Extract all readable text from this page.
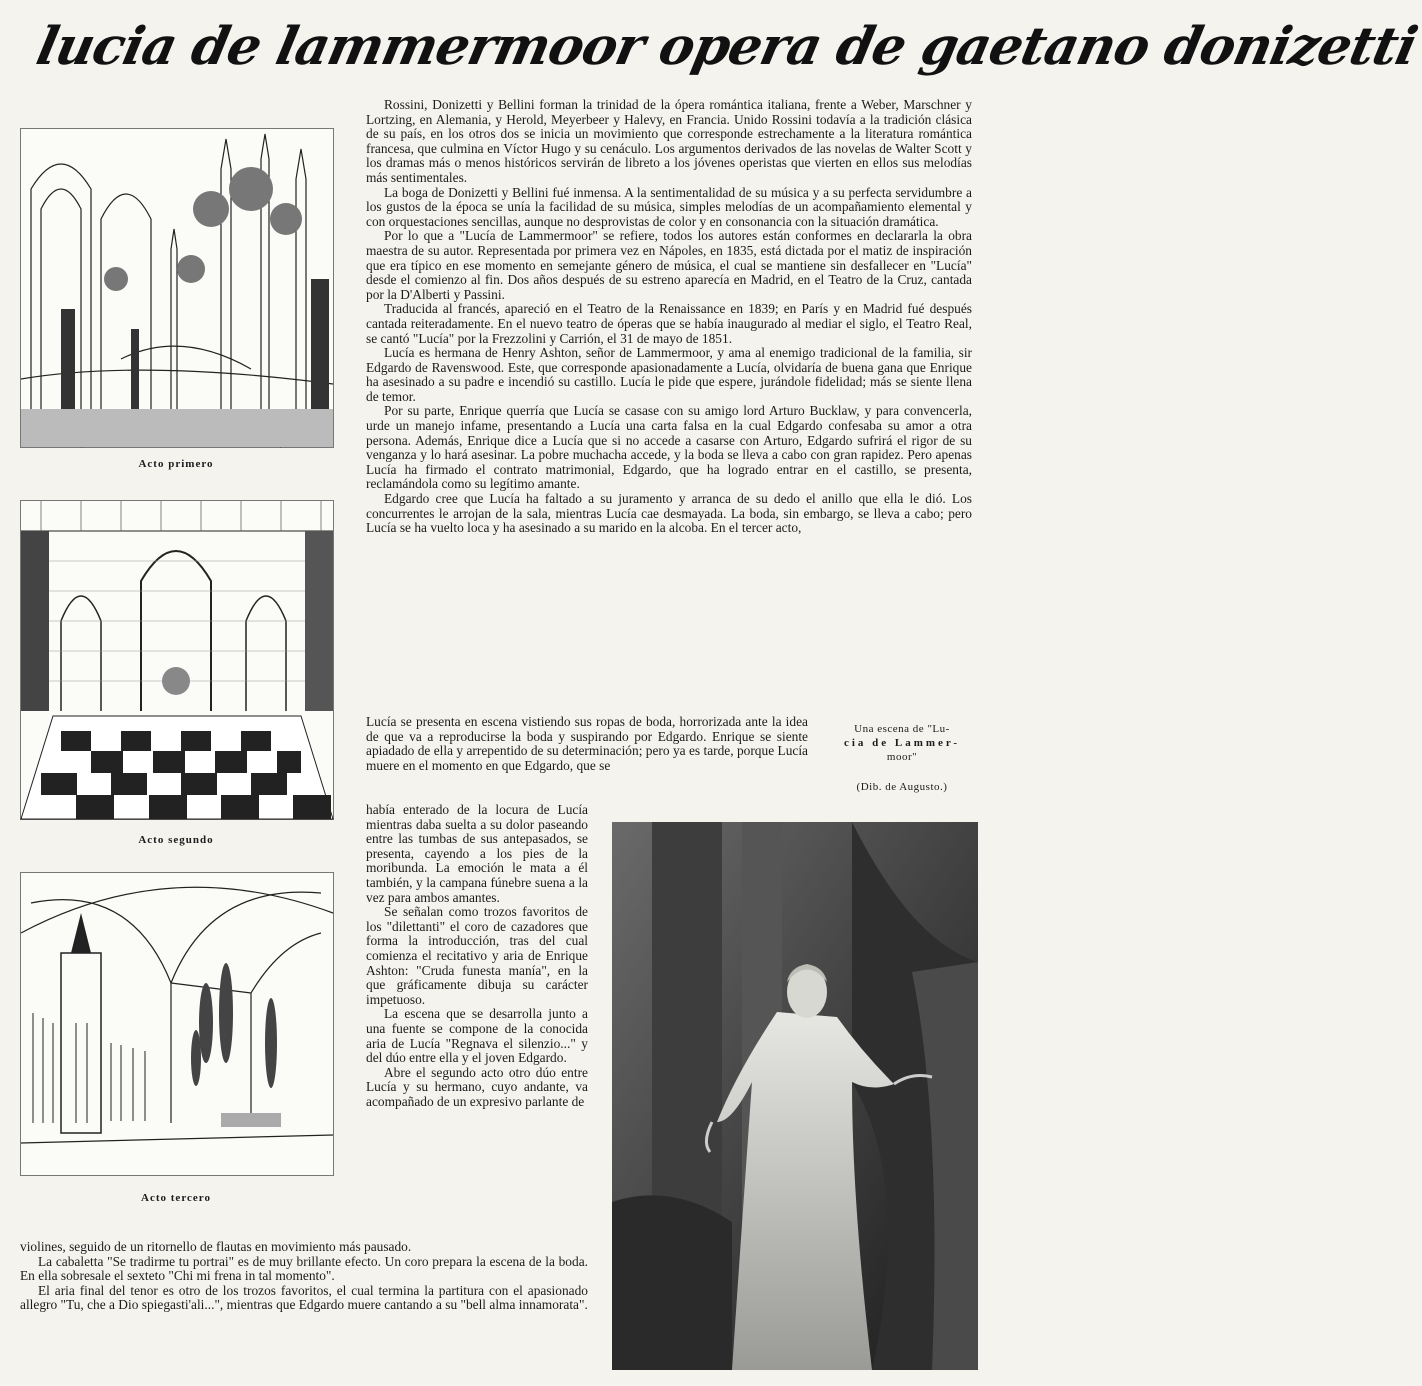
lucia de lammermoor opera de gaetano donizetti
Acto primero
Acto segundo
Acto tercero

Rossini, Donizetti y Bellini forman la trinidad de la ópera romántica italiana, frente a Weber, Marschner y Lortzing, en Alemania, y Herold, Meyerbeer y Halevy, en Francia. Unido Rossini todavía a la tradición clásica de su país, en los otros dos se inicia un movimiento que corresponde estrechamente a la literatura romántica francesa, que culmina en Víctor Hugo y su cenáculo. Los argumentos derivados de las novelas de Walter Scott y los dramas más o menos históricos servirán de libreto a los jóvenes operistas que vierten en ellos sus melodías más sentimentales.

La boga de Donizetti y Bellini fué inmensa. A la sentimentalidad de su música y a su perfecta servidumbre a los gustos de la época se unía la facilidad de su música, simples melodías de un acompañamiento elemental y con orquestaciones sencillas, aunque no desprovistas de color y en consonancia con la situación dramática.

Por lo que a "Lucía de Lammermoor" se refiere, todos los autores están conformes en declararla la obra maestra de su autor. Representada por primera vez en Nápoles, en 1835, está dictada por el matiz de inspiración que era típico en ese momento en semejante género de música, el cual se mantiene sin desfallecer en "Lucía" desde el comienzo al fin. Dos años después de su estreno aparecía en Madrid, en el Teatro de la Cruz, cantada por la D'Alberti y Passini.

Traducida al francés, apareció en el Teatro de la Renaissance en 1839; en París y en Madrid fué después cantada reiteradamente. En el nuevo teatro de óperas que se había inaugurado al mediar el siglo, el Teatro Real, se cantó "Lucía" por la Frezzolini y Carrión, el 31 de mayo de 1851.

Lucía es hermana de Henry Ashton, señor de Lammermoor, y ama al enemigo tradicional de la familia, sir Edgardo de Ravenswood. Este, que corresponde apasionadamente a Lucía, olvidaría de buena gana que Enrique ha asesinado a su padre e incendió su castillo. Lucía le pide que espere, jurándole fidelidad; más se siente llena de temor.

Por su parte, Enrique querría que Lucía se casase con su amigo lord Arturo Bucklaw, y para convencerla, urde un manejo infame, presentando a Lucía una carta falsa en la cual Edgardo confesaba su amor a otra persona. Además, Enrique dice a Lucía que si no accede a casarse con Arturo, Edgardo sufrirá el rigor de su venganza y lo hará asesinar. La pobre muchacha accede, y la boda se lleva a cabo con gran rapidez. Pero apenas Lucía ha firmado el contrato matrimonial, Edgardo, que ha logrado entrar en el castillo, se presenta, reclamándola como su legítimo amante.

Edgardo cree que Lucía ha faltado a su juramento y arranca de su dedo el anillo que ella le dió. Los concurrentes le arrojan de la sala, mientras Lucía cae desmayada. La boda, sin embargo, se lleva a cabo; pero Lucía se ha vuelto loca y ha asesinado a su marido en la alcoba. En el tercer acto,

Lucía se presenta en escena vistiendo sus ropas de boda, horrorizada ante la idea de que va a reproducirse la boda y suspirando por Edgardo. Enrique se siente apiadado de ella y arrepentido de su determinación; pero ya es tarde, porque Lucía muere en el momento en que Edgardo, que se

Una escena de "Lu-
cia de Lammer-
moor"
(Dib. de Augusto.)

había enterado de la locura de Lucía mientras daba suelta a su dolor paseando entre las tumbas de sus antepasados, se presenta, cayendo a los pies de la moribunda. La emoción le mata a él también, y la campana fúnebre suena a la vez para ambos amantes.

Se señalan como trozos favoritos de los "dilettanti" el coro de cazadores que forma la introducción, tras del cual comienza el recitativo y aria de Enrique Ashton: "Cruda funesta manía", en la que gráficamente dibuja su carácter impetuoso.

La escena que se desarrolla junto a una fuente se compone de la conocida aria de Lucía "Regnava el silenzio..." y del dúo entre ella y el joven Edgardo.

Abre el segundo acto otro dúo entre Lucía y su hermano, cuyo andante, va acompañado de un expresivo parlante de

violines, seguido de un ritornello de flautas en movimiento más pausado.

La cabaletta "Se tradirme tu portrai" es de muy brillante efecto. Un coro prepara la escena de la boda. En ella sobresale el sexteto "Chi mi frena in tal momento".

El aria final del tenor es otro de los trozos favoritos, el cual termina la partitura con el apasionado allegro "Tu, che a Dio spiegasti'ali...", mientras que Edgardo muere cantando a su "bell alma innamorata".
